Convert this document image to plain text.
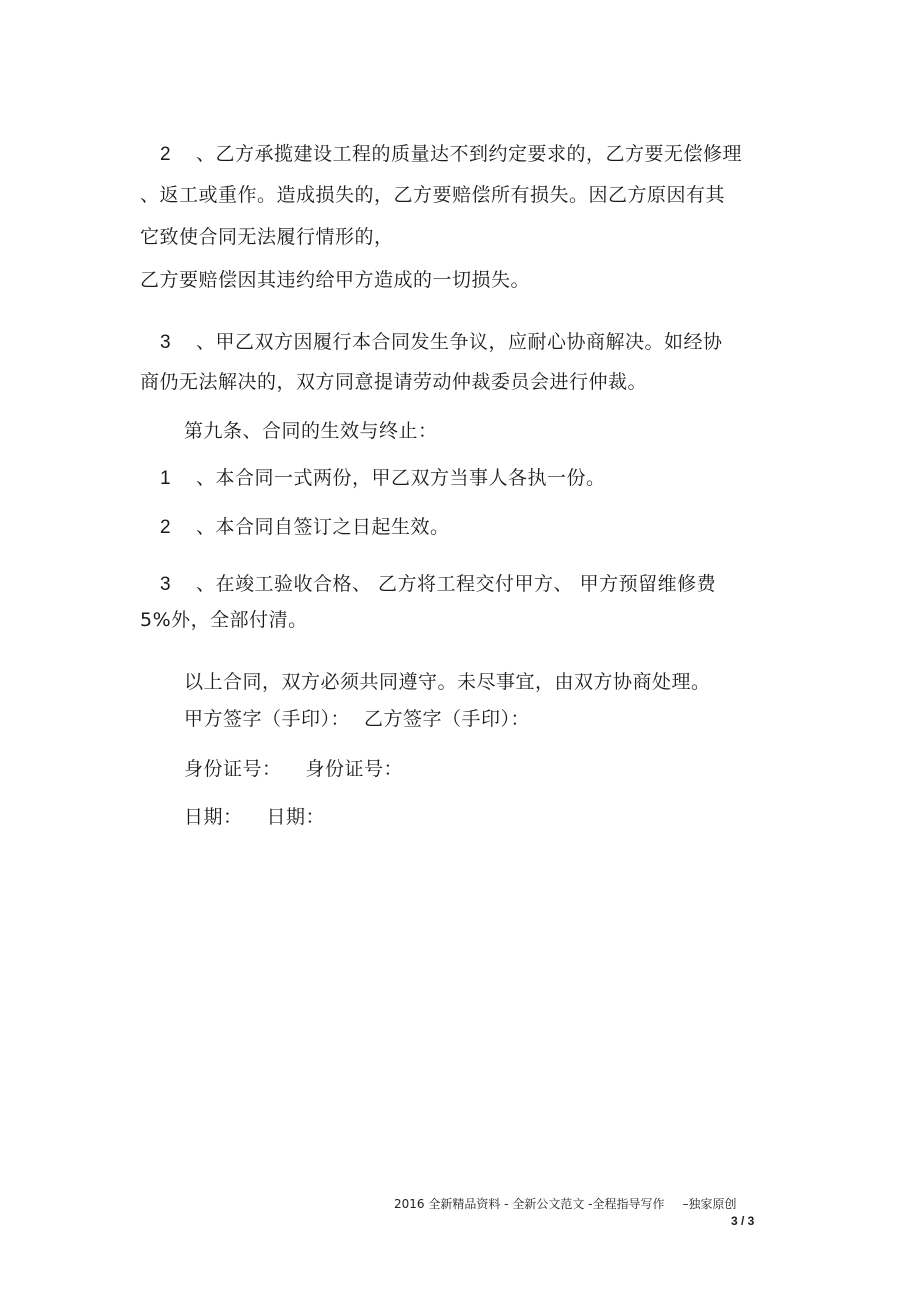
2 、乙方承揽建设工程的质量达不到约定要求的，乙方要无偿修理
、返工或重作。造成损失的，乙方要赔偿所有损失。因乙方原因有其
它致使合同无法履行情形的，
乙方要赔偿因其违约给甲方造成的一切损失。
3 、甲乙双方因履行本合同发生争议，应耐心协商解决。如经协
商仍无法解决的，双方同意提请劳动仲裁委员会进行仲裁。
第九条、合同的生效与终止：
1 、本合同一式两份，甲乙双方当事人各执一份。
2 、本合同自签订之日起生效。
3 、在竣工验收合格、 乙方将工程交付甲方、 甲方预留维修费
5%外，全部付清。
以上合同，双方必须共同遵守。未尽事宜，由双方协商处理。
甲方签字（手印）： 乙方签字（手印）：
身份证号： 身份证号：
日期： 日期：
2016 全新精品资料 - 全新公文范文 -全程指导写作 –独家原创
3 / 3
